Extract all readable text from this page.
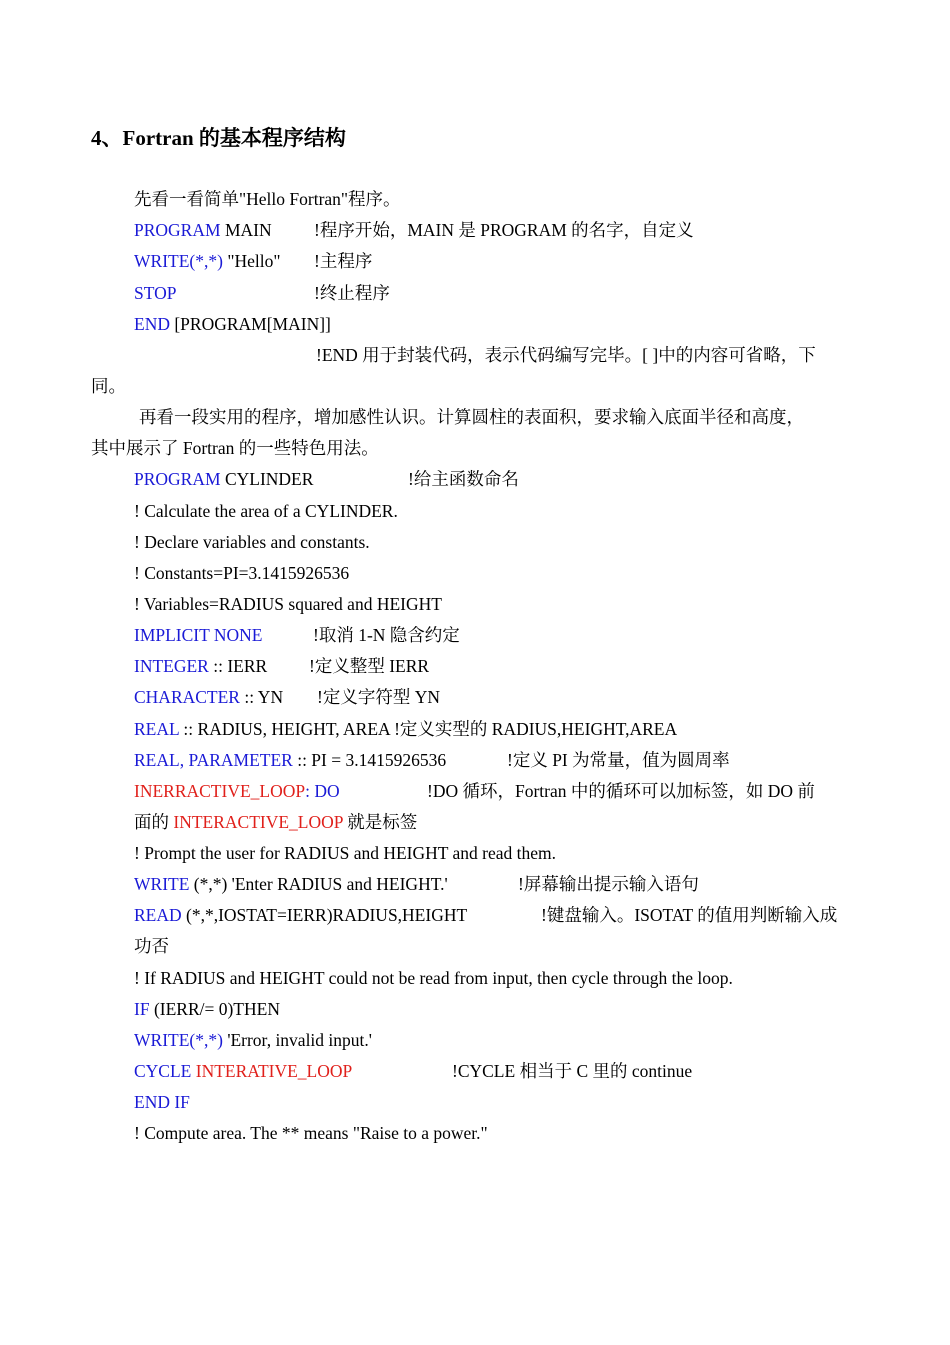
4、Fortran 的基本程序结构
先看一看简单"Hello Fortran"程序。
PROGRAM MAIN !程序开始，MAIN 是 PROGRAM 的名字，自定义
WRITE(*,*) "Hello" !主程序
STOP	!终止程序
END [PROGRAM[MAIN]]
!END 用于封装代码，表示代码编写完毕。[ ]中的内容可省略，下
同。
再看一段实用的程序，增加感性认识。计算圆柱的表面积，要求输入底面半径和高度，
其中展示了 Fortran 的一些特色用法。
PROGRAM CYLINDER	!给主函数命名
! Calculate the area of a CYLINDER.
! Declare variables and constants.
! Constants=PI=3.1415926536
! Variables=RADIUS squared and HEIGHT
IMPLICIT NONE	!取消 1-N 隐含约定
INTEGER :: IERR !定义整型 IERR
CHARACTER :: YN !定义字符型 YN
REAL :: RADIUS, HEIGHT, AREA !定义实型的 RADIUS,HEIGHT,AREA
REAL, PARAMETER :: PI = 3.1415926536	!定义 PI 为常量，值为圆周率
INERRACTIVE_LOOP: DO	!DO 循环，Fortran 中的循环可以加标签，如 DO 前
面的 INTERACTIVE_LOOP 就是标签
! Prompt the user for RADIUS and HEIGHT and read them.
WRITE (*,*) 'Enter RADIUS and HEIGHT.'	!屏幕输出提示输入语句
READ (*,*,IOSTAT=IERR)RADIUS,HEIGHT	!键盘输入。ISOTAT 的值用判断输入成
功否
! If RADIUS and HEIGHT could not be read from input, then cycle through the loop.
IF (IERR/= 0)THEN
WRITE(*,*) 'Error, invalid input.'
CYCLE INTERATIVE_LOOP	!CYCLE 相当于 C 里的 continue
END IF
! Compute area. The ** means "Raise to a power."
